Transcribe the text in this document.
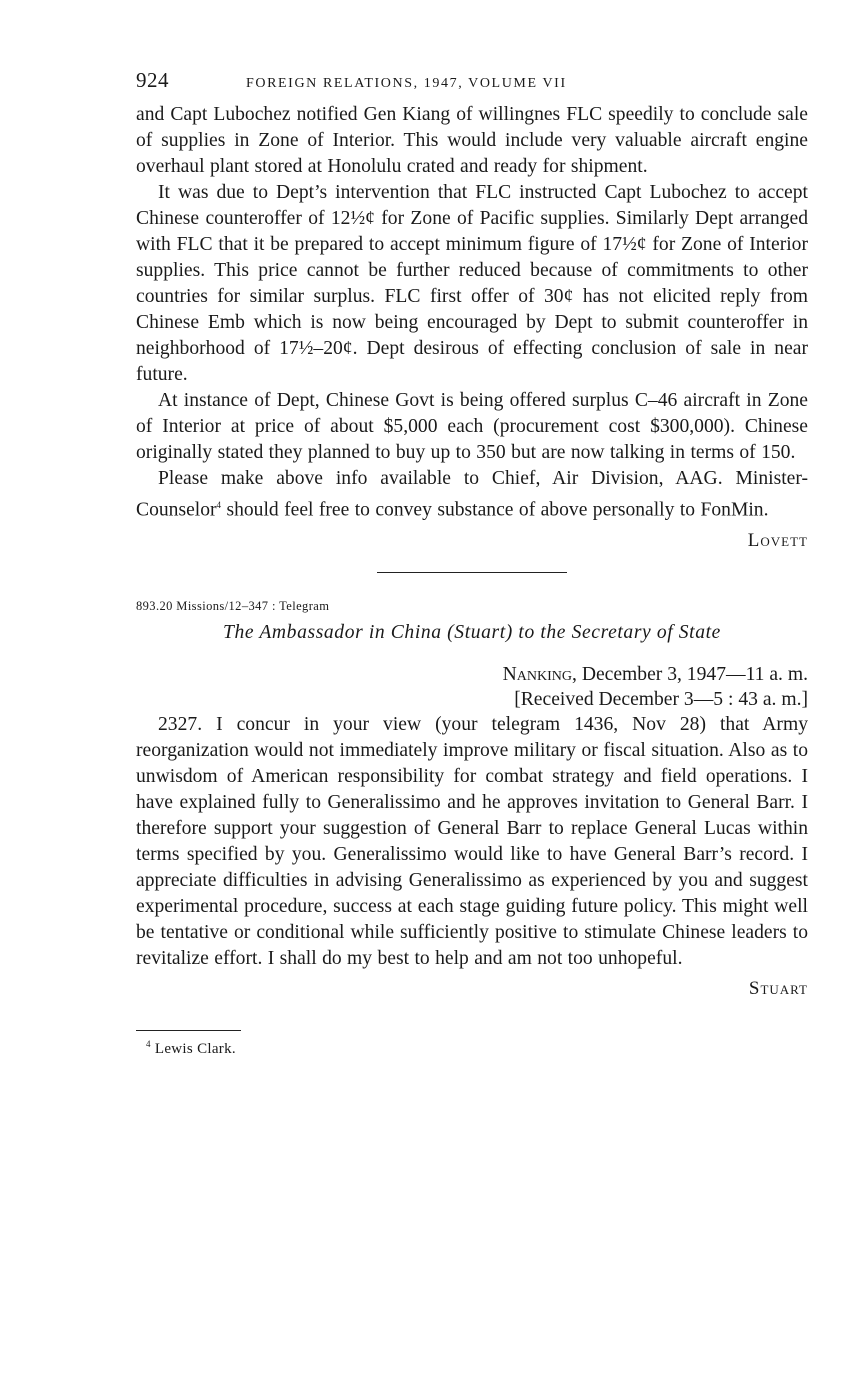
924	FOREIGN RELATIONS, 1947, VOLUME VII

and Capt Lubochez notified Gen Kiang of willingnes FLC speedily to conclude sale of supplies in Zone of Interior. This would include very valuable aircraft engine overhaul plant stored at Honolulu crated and ready for shipment.

It was due to Dept’s intervention that FLC instructed Capt Lubochez to accept Chinese counteroffer of 12½¢ for Zone of Pacific supplies. Similarly Dept arranged with FLC that it be prepared to accept minimum figure of 17½¢ for Zone of Interior supplies. This price cannot be further reduced because of commitments to other countries for similar surplus. FLC first offer of 30¢ has not elicited reply from Chinese Emb which is now being encouraged by Dept to submit counteroffer in neighborhood of 17½–20¢. Dept desirous of effecting conclusion of sale in near future.

At instance of Dept, Chinese Govt is being offered surplus C–46 aircraft in Zone of Interior at price of about $5,000 each (procurement cost $300,000). Chinese originally stated they planned to buy up to 350 but are now talking in terms of 150.

Please make above info available to Chief, Air Division, AAG. Minister-Counselor$^4$ should feel free to convey substance of above personally to FonMin.

Lovett
893.20 Missions/12–347 : Telegram
The Ambassador in China (Stuart) to the Secretary of State
Nanking, December 3, 1947—11 a. m.
[Received December 3—5 : 43 a. m.]

2327. I concur in your view (your telegram 1436, Nov 28) that Army reorganization would not immediately improve military or fiscal situation. Also as to unwisdom of American responsibility for combat strategy and field operations. I have explained fully to Generalissimo and he approves invitation to General Barr. I therefore support your suggestion of General Barr to replace General Lucas within terms specified by you. Generalissimo would like to have General Barr’s record. I appreciate difficulties in advising Generalissimo as experienced by you and suggest experimental procedure, success at each stage guiding future policy. This might well be tentative or conditional while sufficiently positive to stimulate Chinese leaders to revitalize effort. I shall do my best to help and am not too unhopeful.

Stuart
$^4$ Lewis Clark.
